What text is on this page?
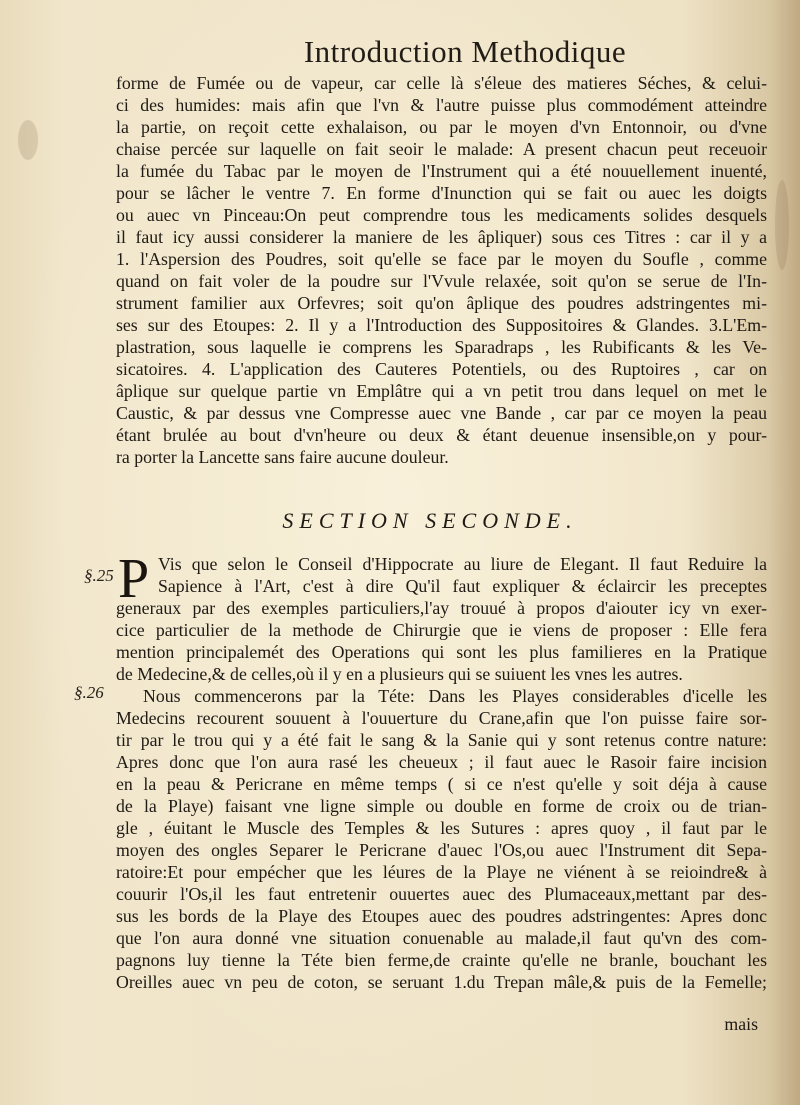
Introduction Methodique
forme de Fumée ou de vapeur, car celle là s'éleue des matieres Séches, & celui-
ci des humides: mais afin que l'vn & l'autre puisse plus commodément atteindre
la partie, on reçoit cette exhalaison, ou par le moyen d'vn Entonnoir, ou d'vne
chaise percée sur laquelle on fait seoir le malade: A present chacun peut receuoir
la fumée du Tabac par le moyen de l'Instrument qui a été nouuellement inuenté,
pour se lâcher le ventre 7. En forme d'Inunction qui se fait ou auec les doigts
ou auec vn Pinceau:On peut comprendre tous les medicaments solides desquels
il faut icy aussi considerer la maniere de les âpliquer) sous ces Titres : car il y a
1. l'Aspersion des Poudres, soit qu'elle se face par le moyen du Soufle , comme
quand on fait voler de la poudre sur l'Vvule relaxée, soit qu'on se serue de l'In-
strument familier aux Orfevres; soit qu'on âplique des poudres adstringentes mi-
ses sur des Etoupes: 2. Il y a l'Introduction des Suppositoires & Glandes. 3.L'Em-
plastration, sous laquelle ie comprens les Sparadraps , les Rubificants & les Ve-
sicatoires. 4. L'application des Cauteres Potentiels, ou des Ruptoires , car on
âplique sur quelque partie vn Emplâtre qui a vn petit trou dans lequel on met le
Caustic, & par dessus vne Compresse auec vne Bande , car par ce moyen la peau
étant brulée au bout d'vn'heure ou deux & étant deuenue insensible,on y pour-
ra porter la Lancette sans faire aucune douleur.
SECTION SECONDE.
P
§.25
§.26
Vis que selon le Conseil d'Hippocrate au liure de Elegant. Il faut Reduire la
Sapience à l'Art, c'est à dire Qu'il faut expliquer & éclaircir les preceptes
generaux par des exemples particuliers,l'ay trouué à propos d'aiouter icy vn exer-
cice particulier de la methode de Chirurgie que ie viens de proposer : Elle fera
mention principalemét des Operations qui sont les plus familieres en la Pratique
de Medecine,& de celles,où il y en a plusieurs qui se suiuent les vnes les autres.
Nous commencerons par la Téte: Dans les Playes considerables d'icelle les
Medecins recourent souuent à l'ouuerture du Crane,afin que l'on puisse faire sor-
tir par le trou qui y a été fait le sang & la Sanie qui y sont retenus contre nature:
Apres donc que l'on aura rasé les cheueux ; il faut auec le Rasoir faire incision
en la peau & Pericrane en même temps ( si ce n'est qu'elle y soit déja à cause
de la Playe) faisant vne ligne simple ou double en forme de croix ou de trian-
gle , éuitant le Muscle des Temples & les Sutures : apres quoy , il faut par le
moyen des ongles Separer le Pericrane d'auec l'Os,ou auec l'Instrument dit Sepa-
ratoire:Et pour empécher que les léures de la Playe ne viénent à se reioindre& à
couurir l'Os,il les faut entretenir ouuertes auec des Plumaceaux,mettant par des-
sus les bords de la Playe des Etoupes auec des poudres adstringentes: Apres donc
que l'on aura donné vne situation conuenable au malade,il faut qu'vn des com-
pagnons luy tienne la Téte bien ferme,de crainte qu'elle ne branle, bouchant les
Oreilles auec vn peu de coton, se seruant 1.du Trepan mâle,& puis de la Femelle;
mais
